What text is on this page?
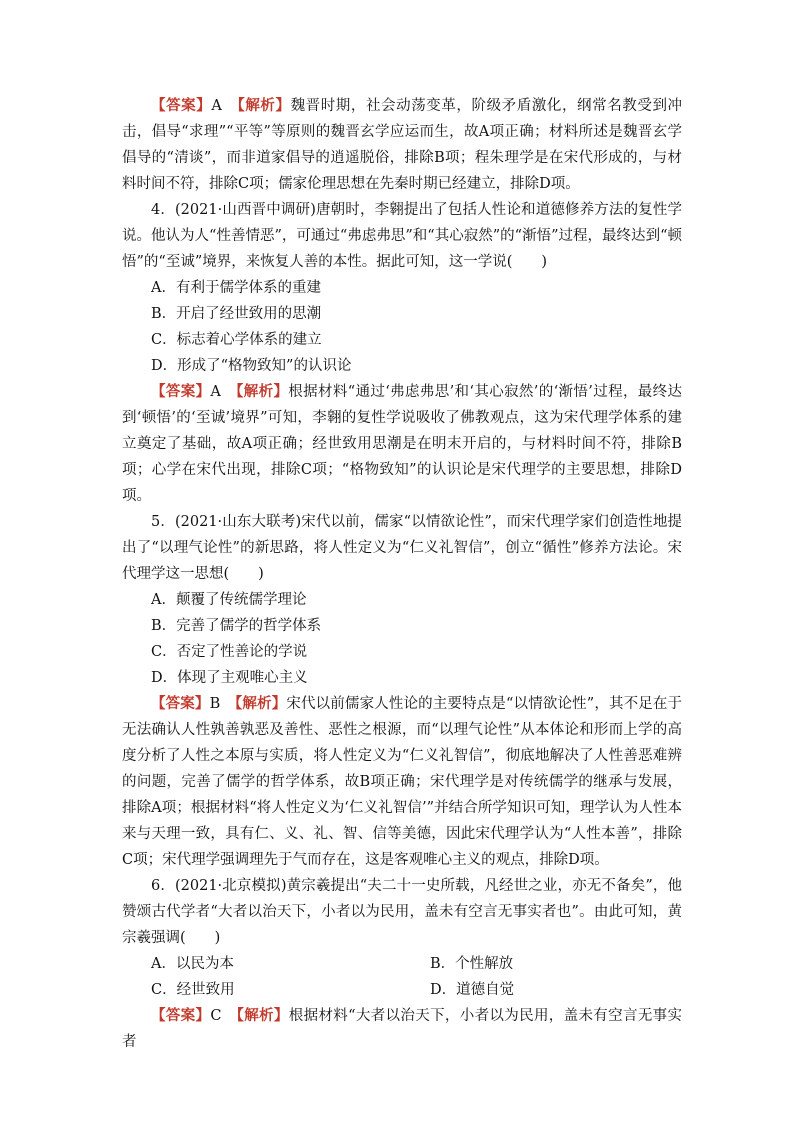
【答案】A　 【解析】魏晋时期，社会动荡变革，阶级矛盾激化，纲常名教受到冲击，倡导“求理”“平等”等原则的魏晋玄学应运而生，故A项正确；材料所述是魏晋玄学倡导的“清谈”，而非道家倡导的逍遥脱俗，排除B项；程朱理学是在宋代形成的，与材料时间不符，排除C项；儒家伦理思想在先秦时期已经建立，排除D项。

4．(2021·山西晋中调研)唐朝时，李翱提出了包括人性论和道德修养方法的复性学说。他认为人“性善情恶”，可通过“弗虑弗思”和“其心寂然”的“渐悟”过程，最终达到“顿悟”的“至诚”境界，来恢复人善的本性。据此可知，这一学说(　　)

A．有利于儒学体系的重建

B．开启了经世致用的思潮

C．标志着心学体系的建立

D．形成了“格物致知”的认识论

【答案】A　 【解析】根据材料“通过‘弗虑弗思’和‘其心寂然’的‘渐悟’过程，最终达到‘顿悟’的‘至诚’境界”可知，李翱的复性学说吸收了佛教观点，这为宋代理学体系的建立奠定了基础，故A项正确；经世致用思潮是在明末开启的，与材料时间不符，排除B项；心学在宋代出现，排除C项；“格物致知”的认识论是宋代理学的主要思想，排除D项。

5．(2021·山东大联考)宋代以前，儒家“以情欲论性”，而宋代理学家们创造性地提出了“以理气论性”的新思路，将人性定义为“仁义礼智信”，创立“循性”修养方法论。宋代理学这一思想(　　)

A．颠覆了传统儒学理论

B．完善了儒学的哲学体系

C．否定了性善论的学说

D．体现了主观唯心主义

【答案】B　 【解析】宋代以前儒家人性论的主要特点是“以情欲论性”，其不足在于无法确认人性孰善孰恶及善性、恶性之根源，而“以理气论性”从本体论和形而上学的高度分析了人性之本原与实质，将人性定义为“仁义礼智信”，彻底地解决了人性善恶难辨的问题，完善了儒学的哲学体系，故B项正确；宋代理学是对传统儒学的继承与发展，排除A项；根据材料“将人性定义为‘仁义礼智信’”并结合所学知识可知，理学认为人性本来与天理一致，具有仁、义、礼、智、信等美德，因此宋代理学认为“人性本善”，排除C项；宋代理学强调理先于气而存在，这是客观唯心主义的观点，排除D项。

6．(2021·北京模拟)黄宗羲提出“夫二十一史所载，凡经世之业，亦无不备矣”，他赞颂古代学者“大者以治天下，小者以为民用，盖未有空言无事实者也”。由此可知，黄宗羲强调(　　)

A．以民为本	B．个性解放
C．经世致用	D．道德自觉

【答案】C　 【解析】根据材料“大者以治天下，小者以为民用，盖未有空言无事实者
